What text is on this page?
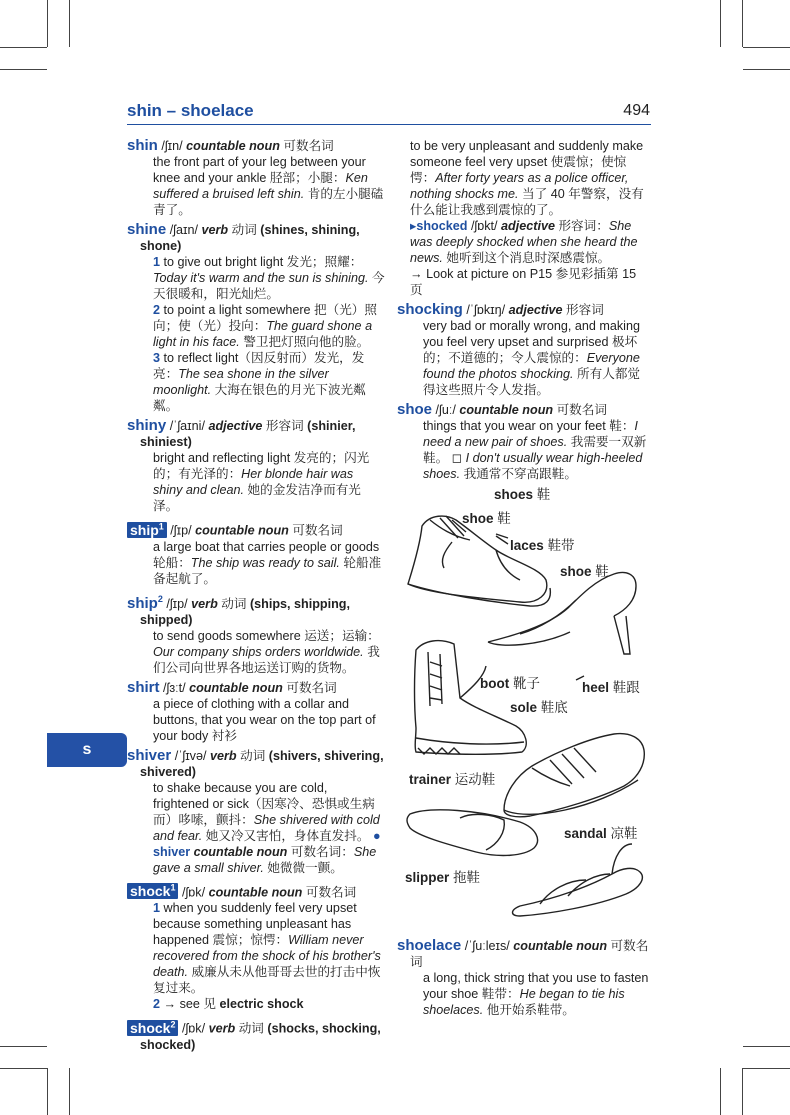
shin – shoelace	494
s
shin /ʃɪn/ countable noun 可数名词
the front part of your leg between your knee and your ankle 胫部；小腿：Ken suffered a bruised left shin. 肯的左小腿磕青了。
shine /ʃaɪn/ verb 动词 (shines, shining, shone)
1 to give out bright light 发光；照耀：Today it's warm and the sun is shining. 今天很暖和，阳光灿烂。
2 to point a light somewhere 把（光）照向；使（光）投向：The guard shone a light in his face. 警卫把灯照向他的脸。
3 to reflect light（因反射而）发光，发亮：The sea shone in the silver moonlight. 大海在银色的月光下波光粼粼。
shiny /ˈʃaɪni/ adjective 形容词 (shinier, shiniest)
bright and reflecting light 发亮的；闪光的；有光泽的：Her blonde hair was shiny and clean. 她的金发洁净而有光泽。
ship$^1$ /ʃɪp/ countable noun 可数名词
a large boat that carries people or goods 轮船：The ship was ready to sail. 轮船准备起航了。
ship$^2$ /ʃɪp/ verb 动词 (ships, shipping, shipped)
to send goods somewhere 运送；运输：Our company ships orders worldwide. 我们公司向世界各地运送订购的货物。
shirt /ʃɜːt/ countable noun 可数名词
a piece of clothing with a collar and buttons, that you wear on the top part of your body 衬衫
shiver /ˈʃɪvə/ verb 动词 (shivers, shivering, shivered)
to shake because you are cold, frightened or sick（因寒冷、恐惧或生病而）哆嗦，颤抖：She shivered with cold and fear. 她又冷又害怕，身体直发抖。 ● shiver countable noun 可数名词：She gave a small shiver. 她微微一颤。
shock$^1$ /ʃɒk/ countable noun 可数名词
1 when you suddenly feel very upset because something unpleasant has happened 震惊；惊愕：William never recovered from the shock of his brother's death. 威廉从未从他哥哥去世的打击中恢复过来。
2 → see 见 electric shock
shock$^2$ /ʃɒk/ verb 动词 (shocks, shocking, shocked)
to be very unpleasant and suddenly make someone feel very upset 使震惊；使惊愕：After forty years as a police officer, nothing shocks me. 当了 40 年警察，没有什么能让我感到震惊的了。
▸shocked /ʃɒkt/ adjective 形容词：She was deeply shocked when she heard the news. 她听到这个消息时深感震惊。
→ Look at picture on P15 参见彩插第 15 页
shocking /ˈʃɒkɪŋ/ adjective 形容词
very bad or morally wrong, and making you feel very upset and surprised 极坏的；不道德的；令人震惊的：Everyone found the photos shocking. 所有人都觉得这些照片令人发指。
shoe /ʃuː/ countable noun 可数名词
things that you wear on your feet 鞋：I need a new pair of shoes. 我需要一双新鞋。 ◻ I don't usually wear high-heeled shoes. 我通常不穿高跟鞋。
shoes 鞋
shoe 鞋
laces 鞋带
shoe 鞋
boot 靴子	heel 鞋跟
sole 鞋底
trainer 运动鞋
sandal 凉鞋
slipper 拖鞋
shoelace /ˈʃuːleɪs/ countable noun 可数名词
a long, thick string that you use to fasten your shoe 鞋带：He began to tie his shoelaces. 他开始系鞋带。
